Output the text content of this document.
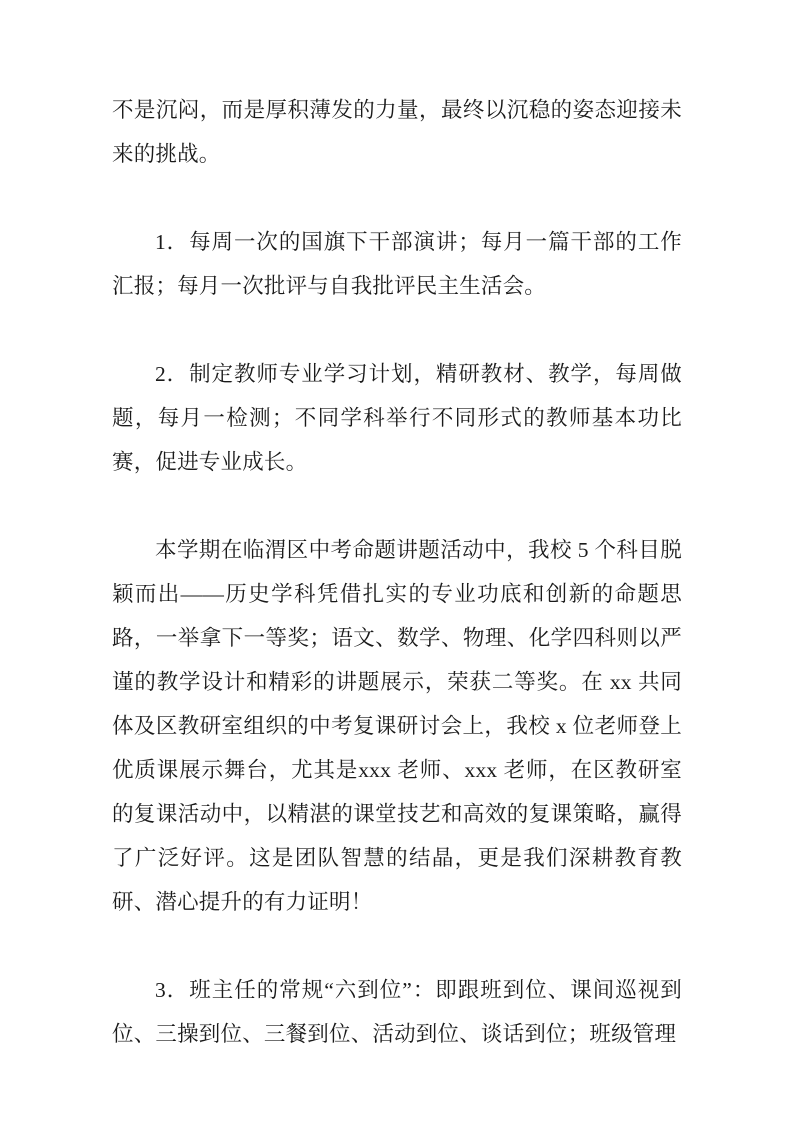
不是沉闷，而是厚积薄发的力量，最终以沉稳的姿态迎接未来的挑战。

1．每周一次的国旗下干部演讲；每月一篇干部的工作汇报；每月一次批评与自我批评民主生活会。

2．制定教师专业学习计划，精研教材、教学，每周做题，每月一检测；不同学科举行不同形式的教师基本功比赛，促进专业成长。

本学期在临渭区中考命题讲题活动中，我校 5 个科目脱颖而出——历史学科凭借扎实的专业功底和创新的命题思路，一举拿下一等奖；语文、数学、物理、化学四科则以严谨的教学设计和精彩的讲题展示，荣获二等奖。在 xx 共同体及区教研室组织的中考复课研讨会上，我校 x 位老师登上优质课展示舞台，尤其是xxx 老师、xxx 老师，在区教研室的复课活动中，以精湛的课堂技艺和高效的复课策略，赢得了广泛好评。这是团队智慧的结晶，更是我们深耕教育教研、潜心提升的有力证明！

3．班主任的常规“六到位”：即跟班到位、课间巡视到位、三操到位、三餐到位、活动到位、谈话到位；班级管理
